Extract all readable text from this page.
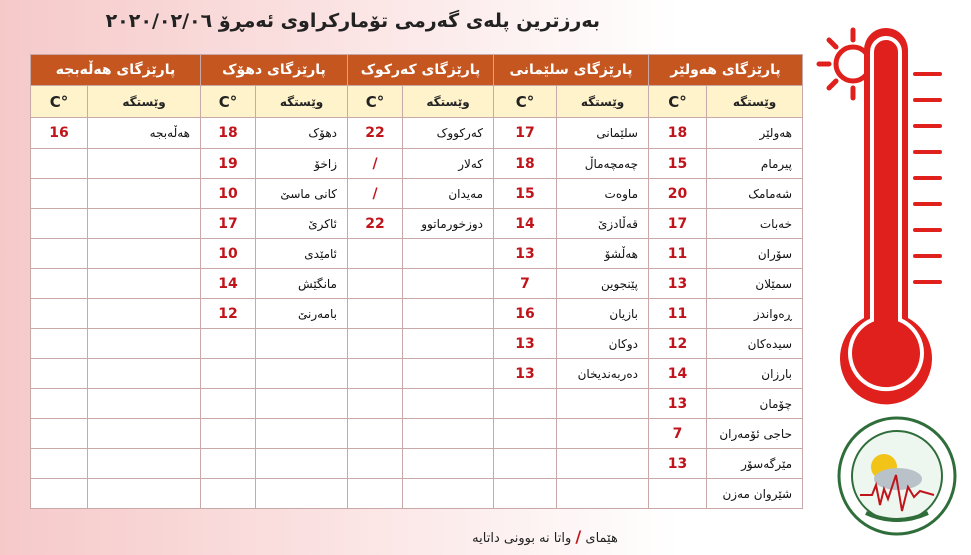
بەرزترین پلەی گەرمی تۆمارکراوی ئەمڕۆ ٢٠٢٠/٠٢/٠٦
پارێزگای هەولێر		پارێزگای سلێمانی		پارێزگای کەرکوک		پارێزگای دهۆک		پارێزگای هەڵەبجە	
وێستگە	°C	وێستگە	°C	وێستگە	°C	وێستگە	°C	وێستگە	°C
هەولێر	18	سلێمانی	17	کەرکووک	22	دهۆک	18	هەڵەبجە	16
پیرمام	15	چەمچەماڵ	18	کەلار	/	زاخۆ	19		
شەمامک	20	ماوەت	15	مەیدان	/	کانی ماسێ	10		
خەبات	17	قەڵادزێ	14	دوزخورماتوو	22	ئاکرێ	17		
سۆران	11	هەڵشۆ	13			ئامێدی	10		
سمێلان	13	پێنجوین	7			مانگێش	14		
ڕەواندز	11	بازیان	16			بامەرنێ	12		
سیدەکان	12	دوکان	13						
بارزان	14	دەربەندیخان	13						
چۆمان	13								
حاجی ئۆمەران	7								
مێرگەسۆر	13								
شێروان مەزن									
هێمای / واتا نە بوونی داتایە
